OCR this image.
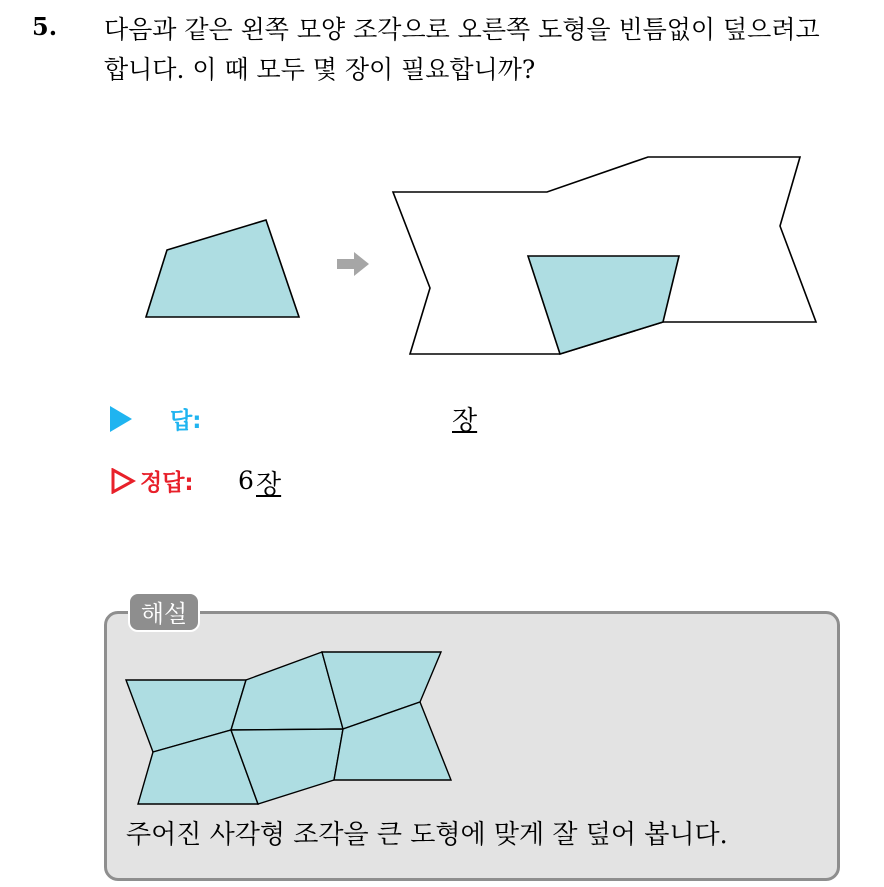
5. 다음과 같은 왼쪽 모양 조각으로 오른쪽 도형을 빈틈없이 덮으려고
합니다. 이 때 모두 몇 장이 필요합니까?

답:	장
정답: 6 장
해설
주어진 사각형 조각을 큰 도형에 맞게 잘 덮어 봅니다.
